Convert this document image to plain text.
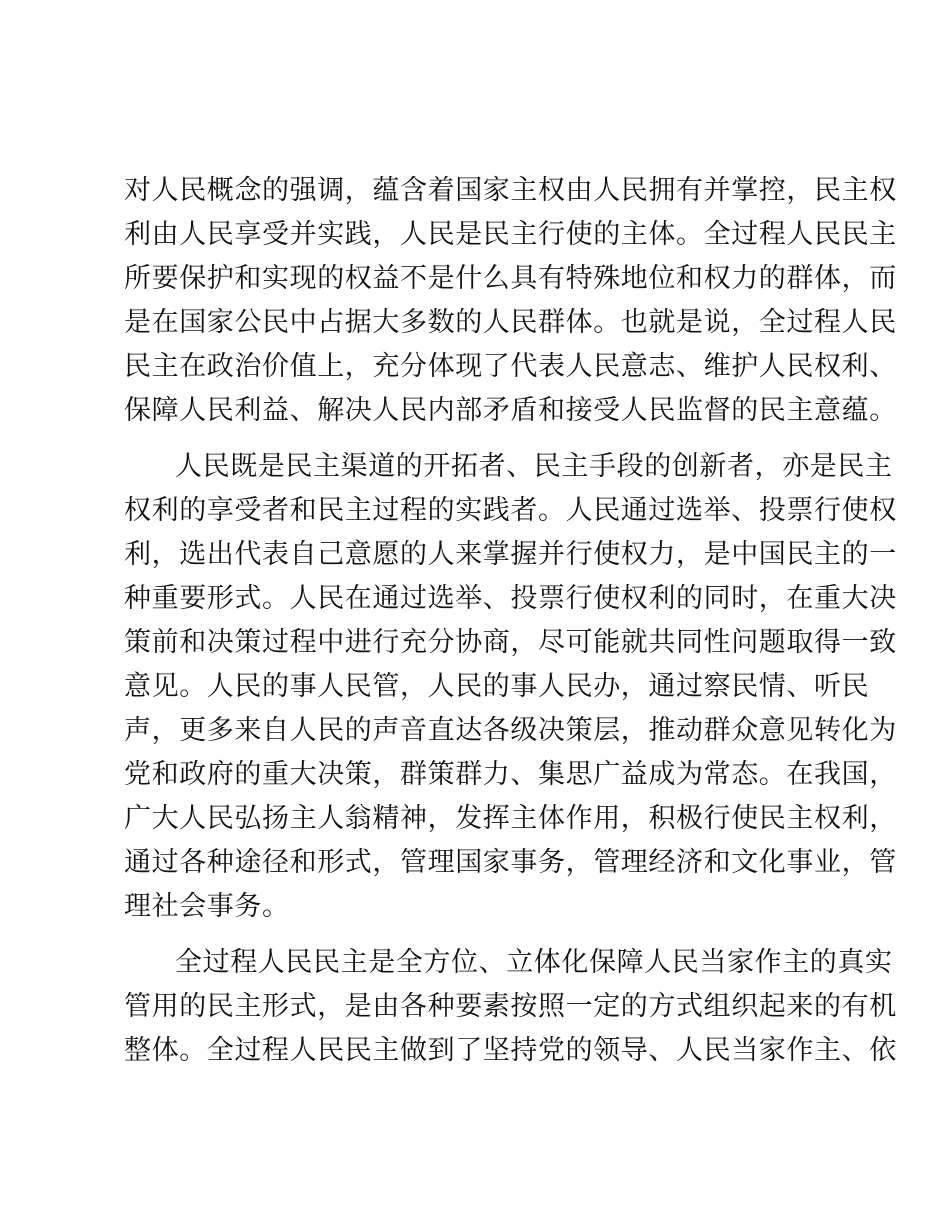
对人民概念的强调，蕴含着国家主权由人民拥有并掌控，民主权
利由人民享受并实践，人民是民主行使的主体。全过程人民民主
所要保护和实现的权益不是什么具有特殊地位和权力的群体，而
是在国家公民中占据大多数的人民群体。也就是说，全过程人民
民主在政治价值上，充分体现了代表人民意志、维护人民权利、
保障人民利益、解决人民内部矛盾和接受人民监督的民主意蕴。
人民既是民主渠道的开拓者、民主手段的创新者，亦是民主
权利的享受者和民主过程的实践者。人民通过选举、投票行使权
利，选出代表自己意愿的人来掌握并行使权力，是中国民主的一
种重要形式。人民在通过选举、投票行使权利的同时，在重大决
策前和决策过程中进行充分协商，尽可能就共同性问题取得一致
意见。人民的事人民管，人民的事人民办，通过察民情、听民
声，更多来自人民的声音直达各级决策层，推动群众意见转化为
党和政府的重大决策，群策群力、集思广益成为常态。在我国，
广大人民弘扬主人翁精神，发挥主体作用，积极行使民主权利，
通过各种途径和形式，管理国家事务，管理经济和文化事业，管
理社会事务。
全过程人民民主是全方位、立体化保障人民当家作主的真实
管用的民主形式，是由各种要素按照一定的方式组织起来的有机
整体。全过程人民民主做到了坚持党的领导、人民当家作主、依
